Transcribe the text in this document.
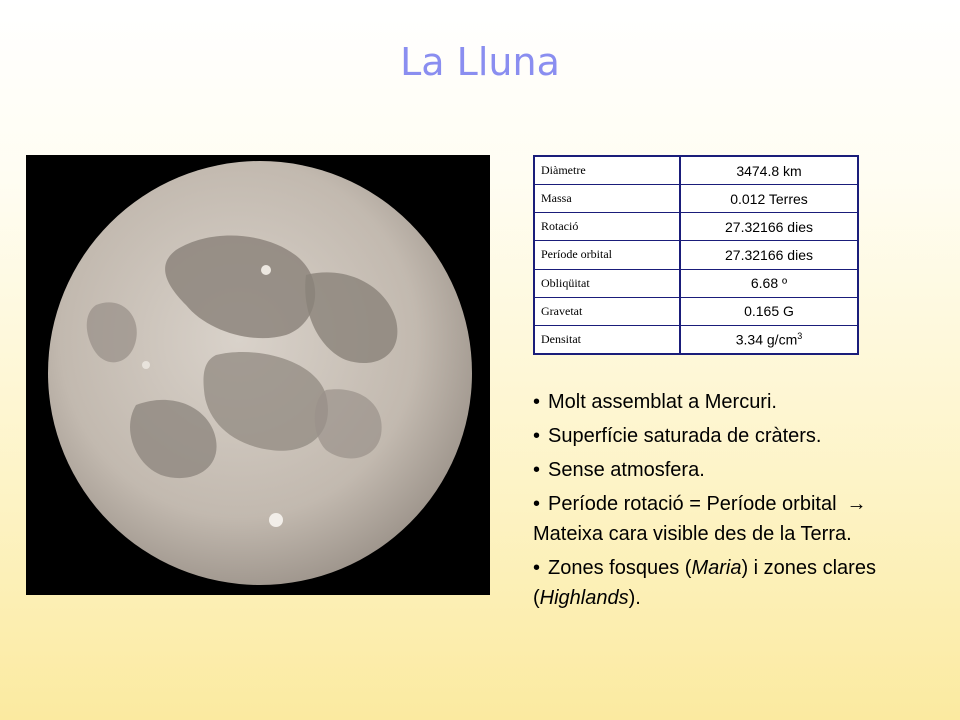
La Lluna
Diàmetre	3474.8 km
Massa	0.012 Terres
Rotació	27.32166 dies
Període orbital	27.32166 dies
Obliqüitat	6.68 º
Gravetat	0.165 G
Densitat	3.34 $g/cm^3$
• Molt assemblat a Mercuri.
• Superfície saturada de cràters.
• Sense atmosfera.
• Període rotació = Període orbital →
Mateixa cara visible des de la Terra.
• Zones fosques (Maria) i zones clares (Highlands).
